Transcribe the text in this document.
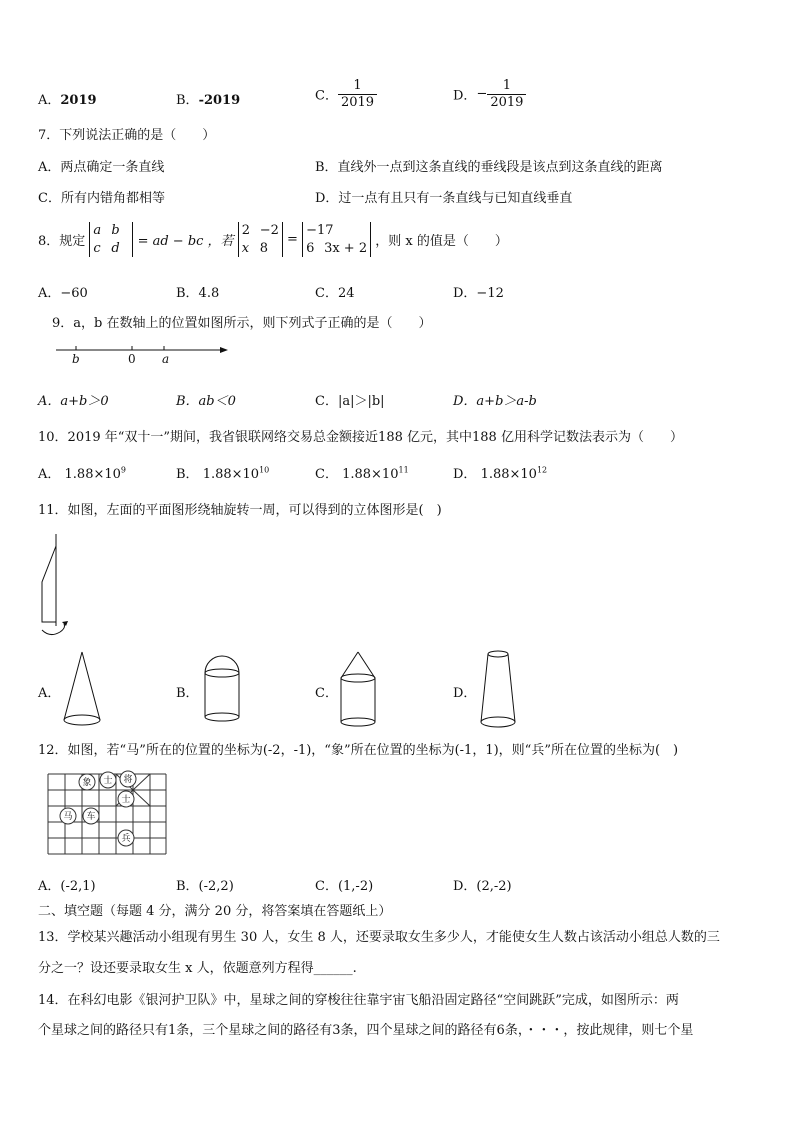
A．2019	B．-2019	C． $\frac{1}{2019}$	D．− $\frac{1}{2019}$
7．下列说法正确的是（　　）
A．两点确定一条直线	B．直线外一点到这条直线的垂线段是该点到这条直线的距离
C．所有内错角都相等	D．过一点有且只有一条直线与已知直线垂直
8．规定 a b
c d = ad − bc ，若 2 −2
x 8 = −17
6 3x + 2 ，则 x 的值是（　　）
A．−60	B．4.8	C．24	D．−12
9．a，b 在数轴上的位置如图所示，则下列式子正确的是（　　）
b	0 a
A．a+b＞0	B．ab＜0	C．|a|＞|b|	D．a+b＞a-b
10．2019 年“双十一”期间，我省银联网络交易总金额接近188 亿元，其中188 亿用科学记数法表示为（　　）
A． $1.88\times 10^9$	B． $1.88\times 10^{10}$	C． $1.88\times 10^{11}$	D． $1.88\times 10^{12}$
11．如图，左面的平面图形绕轴旋转一周，可以得到的立体图形是(　)
A．	B．	C．	D．
12．如图，若“马”所在的位置的坐标为(-2，-1)，“象”所在位置的坐标为(-1，1)，则“兵”所在位置的坐标为(　)
象 士 将
士
马 车
兵
A．(-2,1)	B．(-2,2)	C．(1,-2)	D．(2,-2)
二、填空题（每题 4 分，满分 20 分，将答案填在答题纸上）
13．学校某兴趣活动小组现有男生 30 人，女生 8 人，还要录取女生多少人，才能使女生人数占该活动小组总人数的三
分之一？设还要录取女生 x 人，依题意列方程得______.
14．在科幻电影《银河护卫队》中，星球之间的穿梭往往靠宇宙飞船沿固定路径“空间跳跃”完成，如图所示：两
个星球之间的路径只有1条，三个星球之间的路径有3条，四个星球之间的路径有6条，・・・，按此规律，则七个星
